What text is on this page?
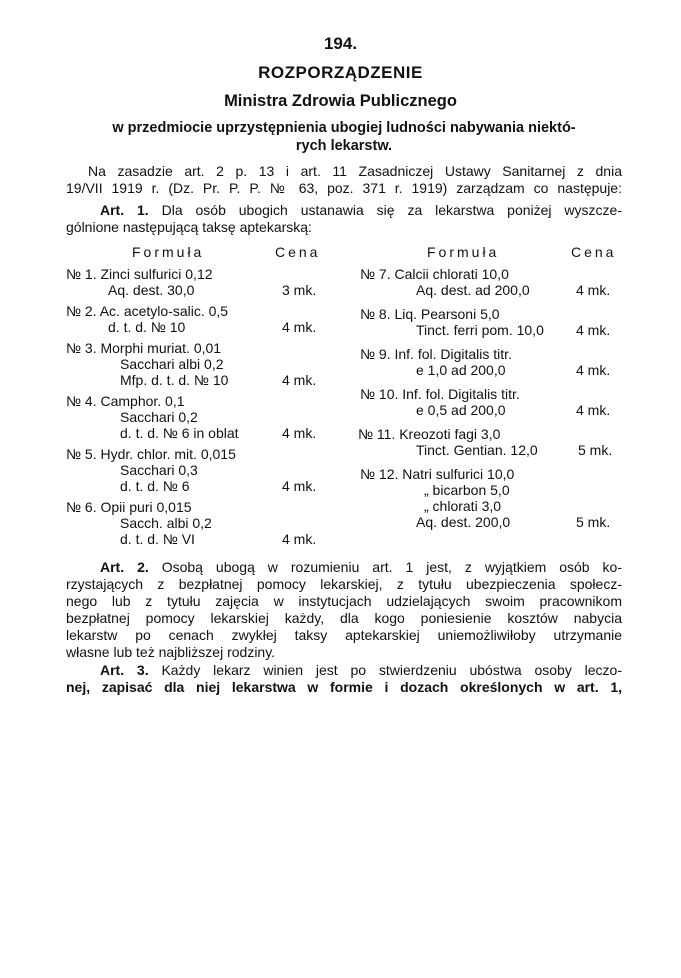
194.
ROZPORZĄDZENIE
Ministra Zdrowia Publicznego
w przedmiocie uprzystępnienia ubogiej ludności nabywania niektó-
rych lekarstw.
Na zasadzie art. 2 p. 13 i art. 11 Zasadniczej Ustawy Sanitarnej z dnia
19/VII 1919 r. (Dz. Pr. P. P. № 63, poz. 371 r. 1919) zarządzam co następuje:
Art. 1. Dla osób ubogich ustanawia się za lekarstwa poniżej wyszcze-
gólnione następującą taksę aptekarską:
Formuła	Cena	Formuła	Cena
№ 1. Zinci sulfurici 0,12
Aq. dest. 30,0	3 mk.
№ 2. Ac. acetylo-salic. 0,5
d. t. d. № 10	4 mk.
№ 3. Morphi muriat. 0,01
Sacchari albi 0,2
Mfp. d. t. d. № 10	4 mk.
№ 4. Camphor. 0,1
Sacchari 0,2
d. t. d. № 6 in oblat	4 mk.
№ 5. Hydr. chlor. mit. 0,015
Sacchari 0,3
d. t. d. № 6	4 mk.
№ 6. Opii puri 0,015
Sacch. albi 0,2
d. t. d. № VI	4 mk.
№ 7. Calcii chlorati 10,0
Aq. dest. ad 200,0	4 mk.
№ 8. Liq. Pearsoni 5,0
Tinct. ferri pom. 10,0 4 mk.
№ 9. Inf. fol. Digitalis titr.
e 1,0 ad 200,0	4 mk.
№ 10. Inf. fol. Digitalis titr.
e 0,5 ad 200,0	4 mk.
№ 11. Kreozoti fagi 3,0
Tinct. Gentian. 12,0	5 mk.
№ 12. Natri sulfurici 10,0
„ bicarbon 5,0
„ chlorati 3,0
Aq. dest. 200,0	5 mk.
Art. 2. Osobą ubogą w rozumieniu art. 1 jest, z wyjątkiem osób ko-
rzystających z bezpłatnej pomocy lekarskiej, z tytułu ubezpieczenia społecz-
nego lub z tytułu zajęcia w instytucjach udzielających swoim pracownikom
bezpłatnej pomocy lekarskiej każdy, dla kogo poniesienie kosztów nabycia
lekarstw po cenach zwykłej taksy aptekarskiej uniemożliwiłoby utrzymanie
własne lub też najbliższej rodziny.
Art. 3. Każdy lekarz winien jest po stwierdzeniu ubóstwa osoby leczo-
nej, zapisać dla niej lekarstwa w formie i dozach określonych w art. 1,
